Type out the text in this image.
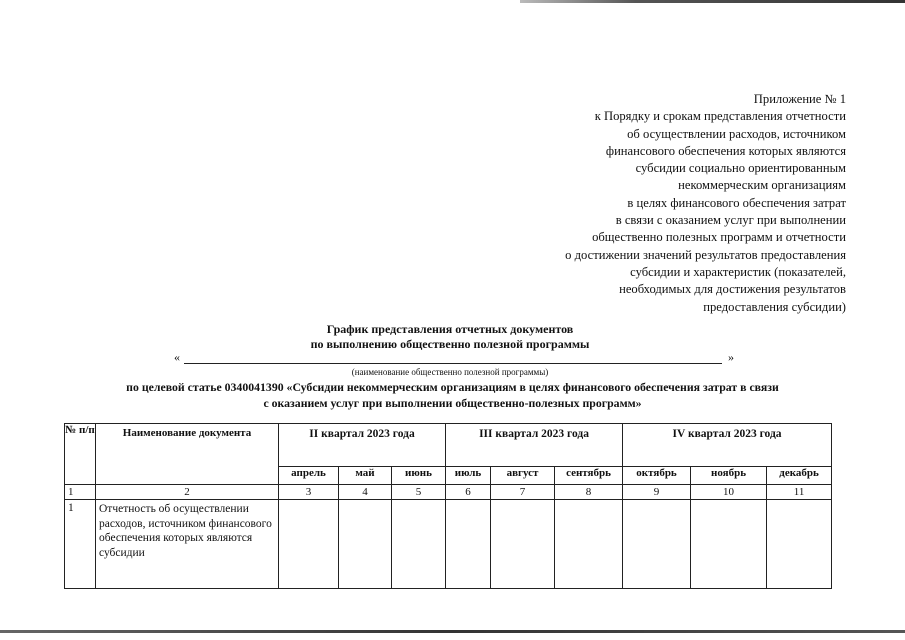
Приложение № 1
к Порядку и срокам представления отчетности
об осуществлении расходов, источником
финансового обеспечения которых являются
субсидии социально ориентированным
некоммерческим организациям
в целях финансового обеспечения затрат
в связи с оказанием услуг при выполнении
общественно полезных программ и отчетности
о достижении значений результатов предоставления
субсидии и характеристик (показателей,
необходимых для достижения результатов
предоставления субсидии)
График представления отчетных документов
по выполнению общественно полезной программы
«	»
(наименование общественно полезной программы)
по целевой статье 0340041390 «Субсидии некоммерческим организациям в целях финансового обеспечения затрат в связи
с оказанием услуг при выполнении общественно-полезных программ»
№ п/п	Наименование документа	II квартал 2023 года			III квартал 2023 года			IV квартал 2023 года		
		апрель	май	июнь	июль	август	сентябрь	октябрь	ноябрь	декабрь
1	2	3	4	5	6	7	8	9	10	11
1	Отчетность об осуществлении расходов, источником финансового обеспечения которых являются субсидии									
